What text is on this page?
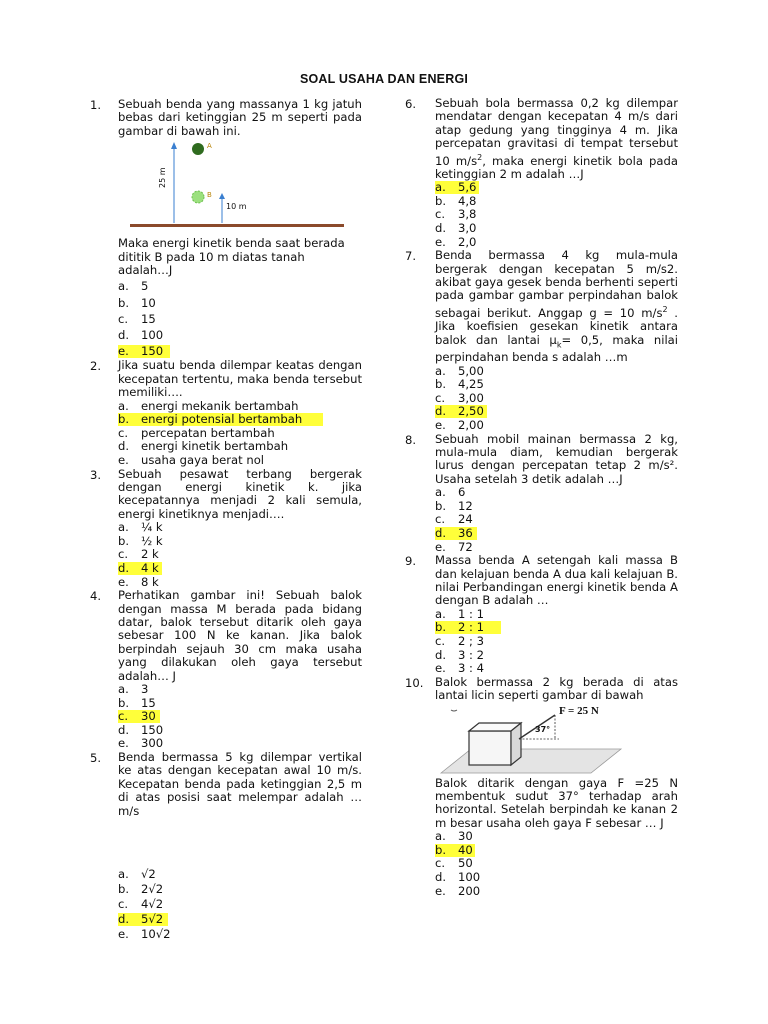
SOAL USAHA DAN ENERGI
1. Sebuah benda yang massanya 1 kg jatuh bebas dari ketinggian 25 m seperti pada gambar di bawah ini.
25 m
A
B
10 m
Maka energi kinetik benda saat berada dititik B pada 10 m diatas tanah adalah…J
a. 5
b. 10
c. 15
d. 100
e. 150
2. Jika suatu benda dilempar keatas dengan kecepatan tertentu, maka benda tersebut memiliki….
a. energi mekanik bertambah
b. energi potensial bertambah
c. percepatan bertambah
d. energi kinetik bertambah
e. usaha gaya berat nol
3. Sebuah pesawat terbang bergerak dengan energi kinetik k. jika kecepatannya menjadi 2 kali semula, energi kinetiknya menjadi….
a. ¼ k
b. ½ k
c. 2 k
d. 4 k
e. 8 k
4. Perhatikan gambar ini! Sebuah balok dengan massa M berada pada bidang datar, balok tersebut ditarik oleh gaya sebesar 100 N ke kanan. Jika balok berpindah sejauh 30 cm maka usaha yang dilakukan oleh gaya tersebut adalah… J
a. 3
b. 15
c. 30
d. 150
e. 300
5. Benda bermassa 5 kg dilempar vertikal ke atas dengan kecepatan awal 10 m/s. Kecepatan benda pada ketinggian 2,5 m di atas posisi saat melempar adalah …m/s
a. √2
b. 2√2
c. 4√2
d. 5√2
e. 10√2
6. Sebuah bola bermassa 0,2 kg dilempar mendatar dengan kecepatan 4 m/s dari atap gedung yang tingginya 4 m. Jika percepatan gravitasi di tempat tersebut 10 $m/s^2$, maka energi kinetik bola pada ketinggian 2 m adalah …J
a. 5,6
b. 4,8
c. 3,8
d. 3,0
e. 2,0
7. Benda bermassa 4 kg mula-mula bergerak dengan kecepatan 5 m/s2. akibat gaya gesek benda berhenti seperti pada gambar gambar perpindahan balok sebagai berikut. Anggap g = 10 $m/s^2$ . Jika koefisien gesekan kinetik antara balok dan lantai $\mu_k= 0,5$, maka nilai perpindahan benda s adalah …m
a. 5,00
b. 4,25
c. 3,00
d. 2,50
e. 2,00
8. Sebuah mobil mainan bermassa 2 kg, mula-mula diam, kemudian bergerak lurus dengan percepatan tetap 2 m/s². Usaha setelah 3 detik adalah …J
a. 6
b. 12
c. 24
d. 36
e. 72
9. Massa benda A setengah kali massa B dan kelajuan benda A dua kali kelajuan B. nilai Perbandingan energi kinetik benda A dengan B adalah …
a. 1 : 1
b. 2 : 1
c. 2 ; 3
d. 3 : 2
e. 3 : 4
10. Balok bermassa 2 kg berada di atas lantai licin seperti gambar di bawah
F = 25 N
37°
Balok ditarik dengan gaya F =25 N membentuk sudut 37° terhadap arah horizontal. Setelah berpindah ke kanan 2 m besar usaha oleh gaya F sebesar … J
a. 30
b. 40
c. 50
d. 100
e. 200
